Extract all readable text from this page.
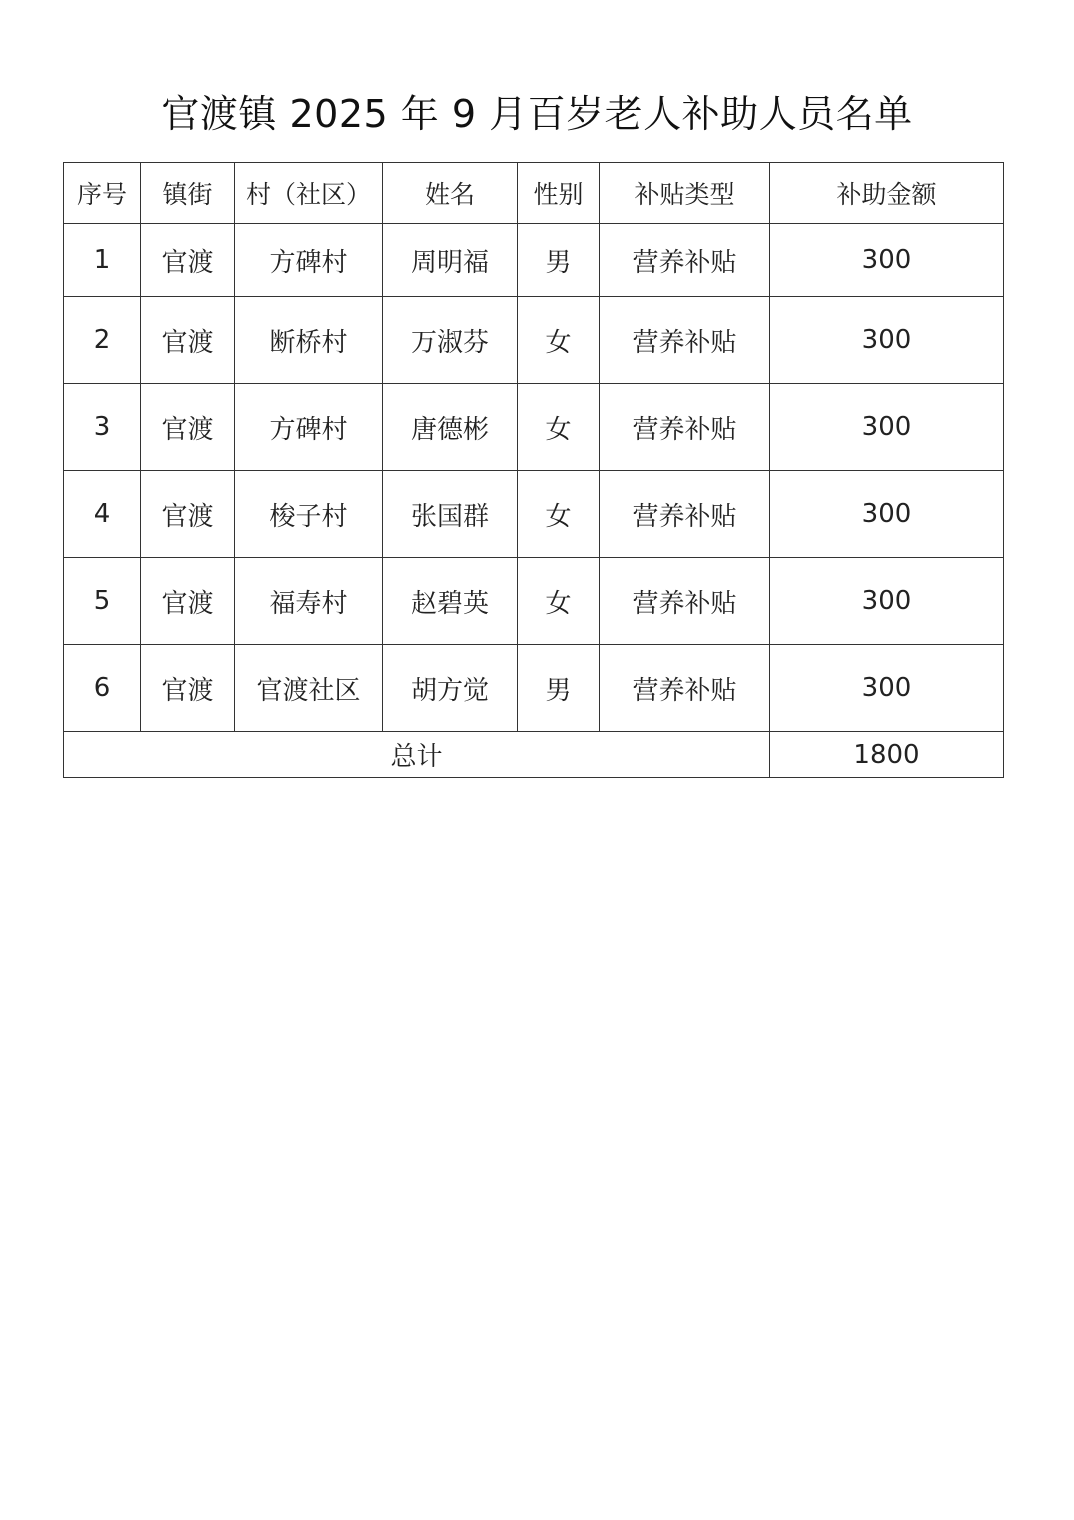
官渡镇 2025 年 9 月百岁老人补助人员名单
序号	镇街	村（社区）	姓名	性别	补贴类型	补助金额
1	官渡	方碑村	周明福	男	营养补贴	300
2	官渡	断桥村	万淑芬	女	营养补贴	300
3	官渡	方碑村	唐德彬	女	营养补贴	300
4	官渡	梭子村	张国群	女	营养补贴	300
5	官渡	福寿村	赵碧英	女	营养补贴	300
6	官渡	官渡社区	胡方觉	男	营养补贴	300
总计						1800
